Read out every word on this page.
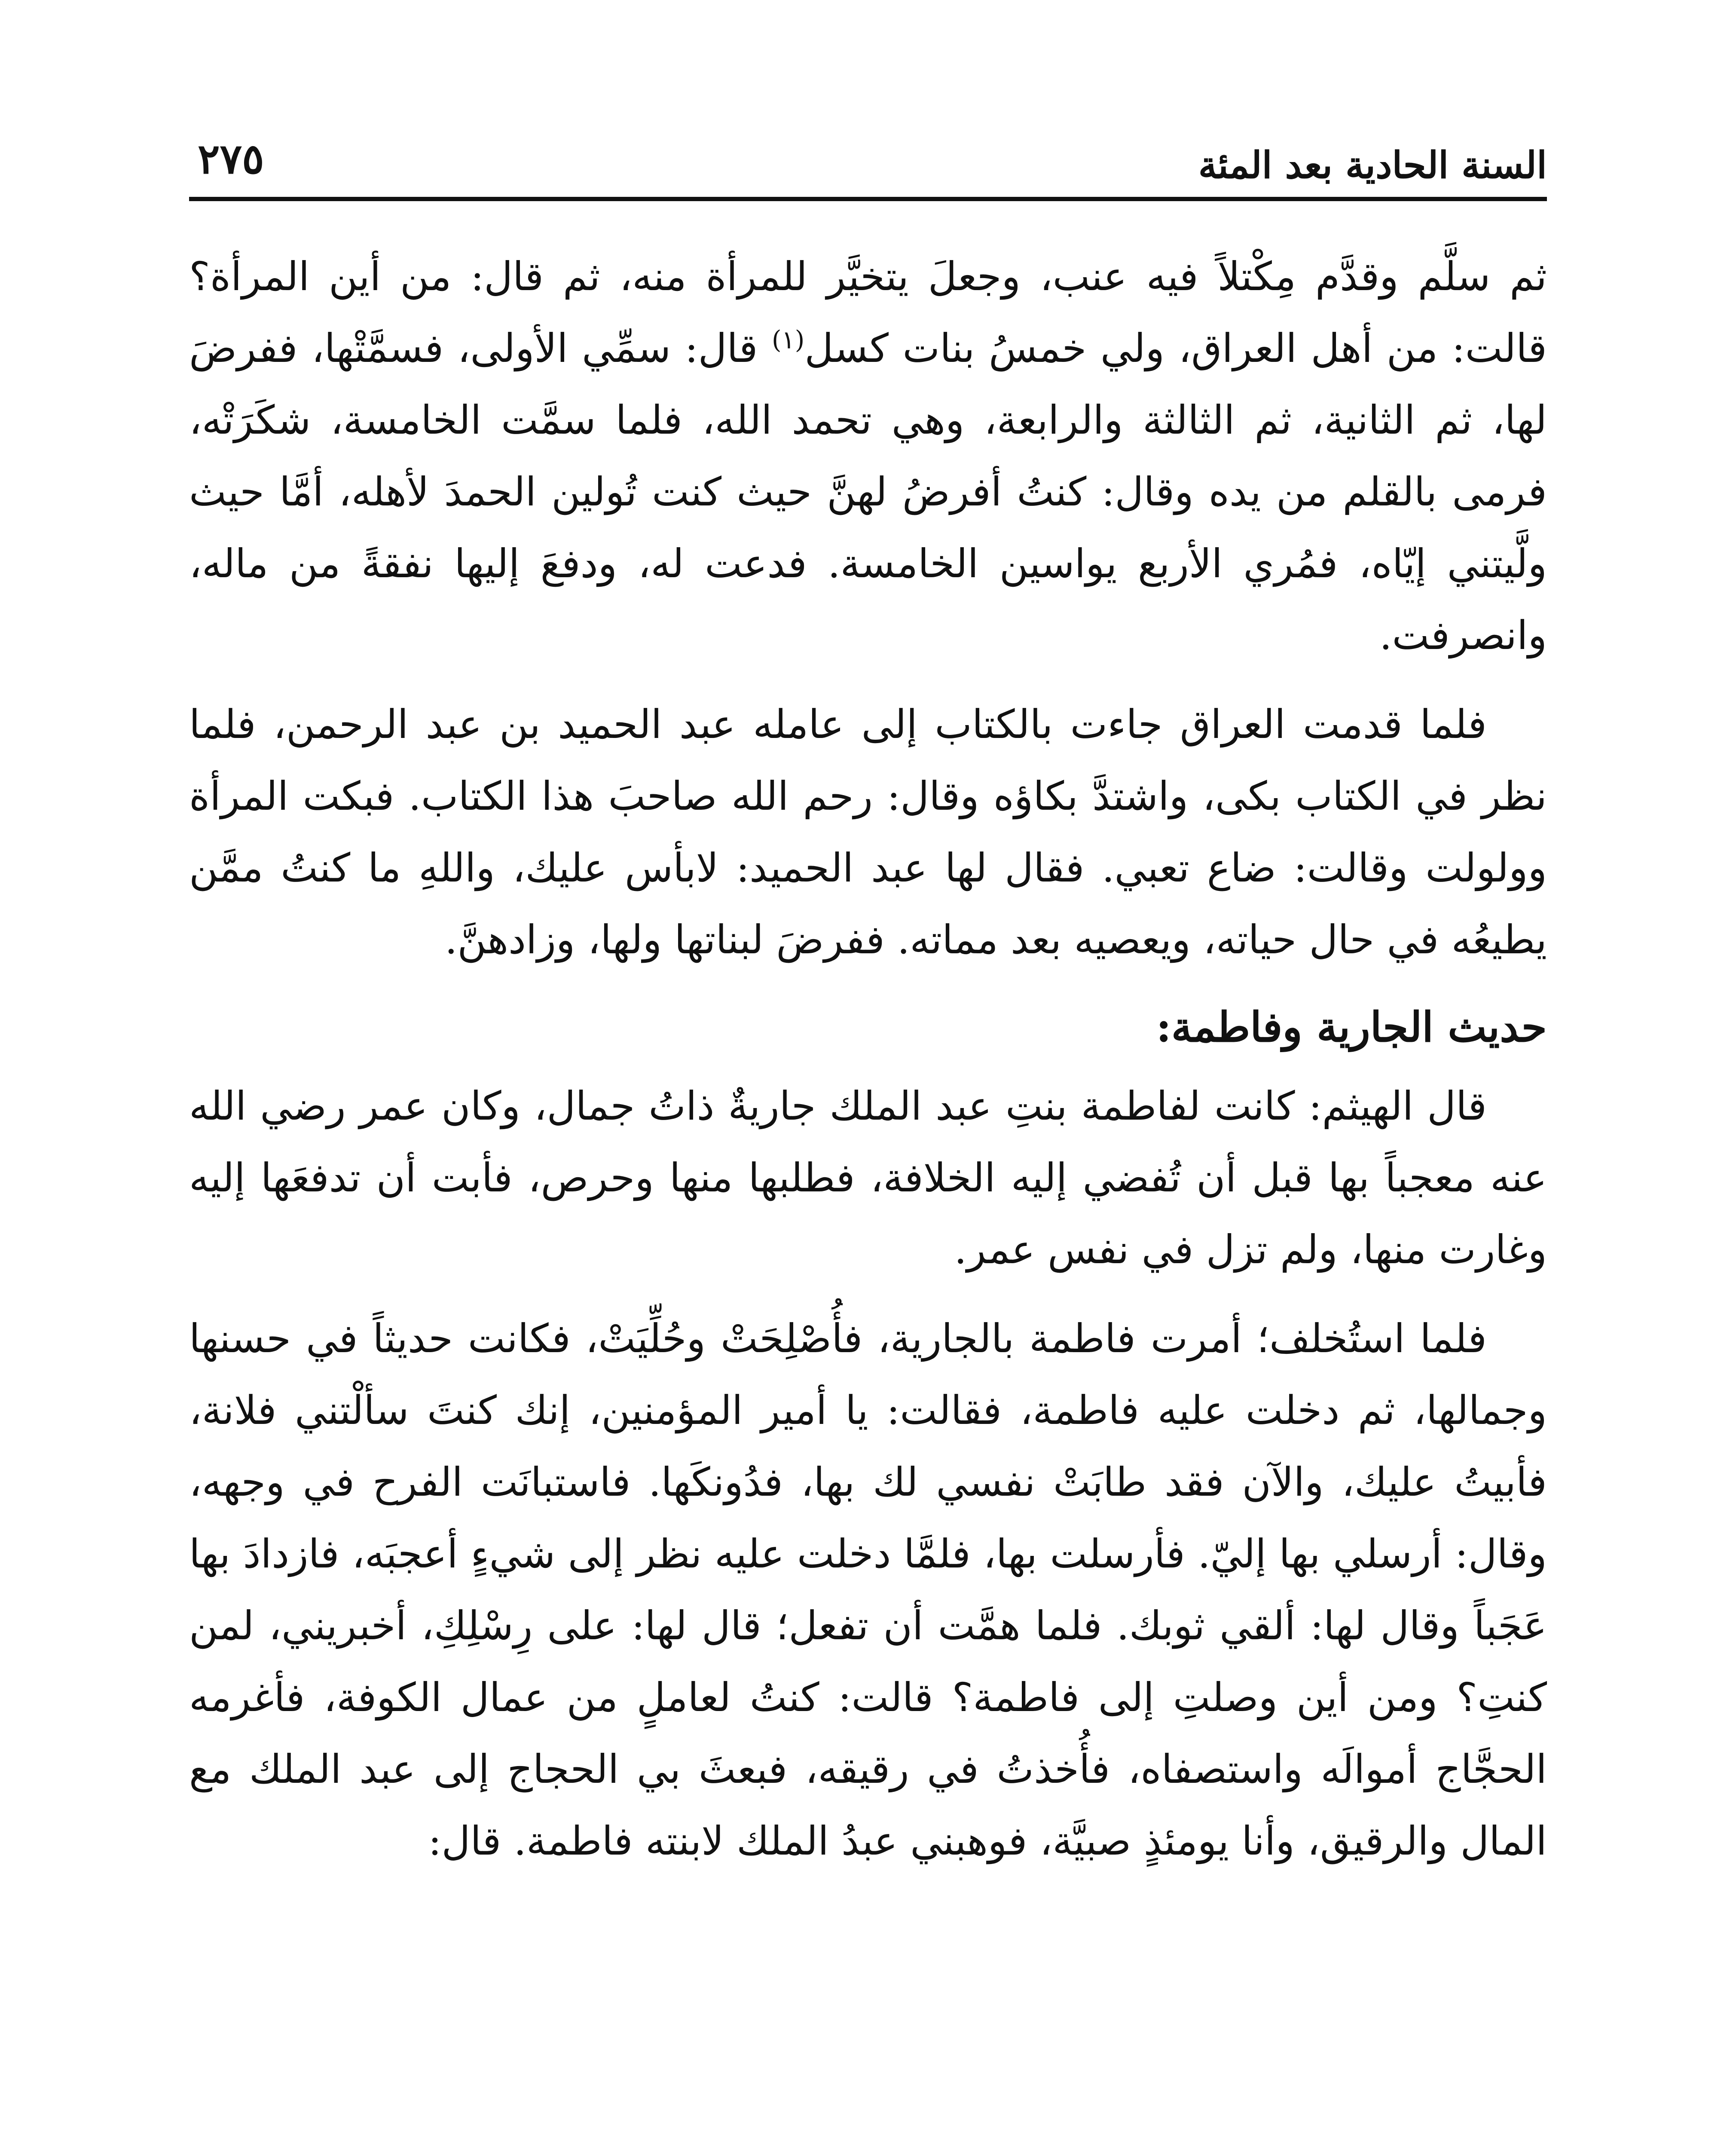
السنة الحادية بعد المئة
٢٧٥

ثم سلَّم وقدَّم مِكْتلاً فيه عنب، وجعلَ يتخيَّر للمرأة منه، ثم قال: من أين المرأة؟ قالت: من أهل العراق، ولي خمسُ بنات كسل$^{(١)}$ قال: سمِّي الأولى، فسمَّتْها، ففرضَ لها، ثم الثانية، ثم الثالثة والرابعة، وهي تحمد الله، فلما سمَّت الخامسة، شكَرَتْه، فرمى بالقلم من يده وقال: كنتُ أفرضُ لهنَّ حيث كنت تُولين الحمدَ لأهله، أمَّا حيث ولَّيتني إيّاه، فمُري الأربع يواسين الخامسة. فدعت له، ودفعَ إليها نفقةً من ماله، وانصرفت.

فلما قدمت العراق جاءت بالكتاب إلى عامله عبد الحميد بن عبد الرحمن، فلما نظر في الكتاب بكى، واشتدَّ بكاؤه وقال: رحم الله صاحبَ هذا الكتاب. فبكت المرأة وولولت وقالت: ضاع تعبي. فقال لها عبد الحميد: لابأس عليك، واللهِ ما كنتُ ممَّن يطيعُه في حال حياته، ويعصيه بعد مماته. ففرضَ لبناتها ولها، وزادهنَّ.

حديث الجارية وفاطمة:

قال الهيثم: كانت لفاطمة بنتِ عبد الملك جاريةٌ ذاتُ جمال، وكان عمر رضي الله عنه معجباً بها قبل أن تُفضي إليه الخلافة، فطلبها منها وحرص، فأبت أن تدفعَها إليه وغارت منها، ولم تزل في نفس عمر.

فلما استُخلف؛ أمرت فاطمة بالجارية، فأُصْلِحَتْ وحُلِّيَتْ، فكانت حديثاً في حسنها وجمالها، ثم دخلت عليه فاطمة، فقالت: يا أمير المؤمنين، إنك كنتَ سألْتني فلانة، فأبيتُ عليك، والآن فقد طابَتْ نفسي لك بها، فدُونكَها. فاستبانَت الفرح في وجهه، وقال: أرسلي بها إليّ. فأرسلت بها، فلمَّا دخلت عليه نظر إلى شيءٍ أعجبَه، فازدادَ بها عَجَباً وقال لها: ألقي ثوبك. فلما همَّت أن تفعل؛ قال لها: على رِسْلِكِ، أخبريني، لمن كنتِ؟ ومن أين وصلتِ إلى فاطمة؟ قالت: كنتُ لعاملٍ من عمال الكوفة، فأغرمه الحجَّاج أموالَه واستصفاه، فأُخذتُ في رقيقه، فبعثَ بي الحجاج إلى عبد الملك مع المال والرقيق، وأنا يومئذٍ صبيَّة، فوهبني عبدُ الملك لابنته فاطمة. قال:
